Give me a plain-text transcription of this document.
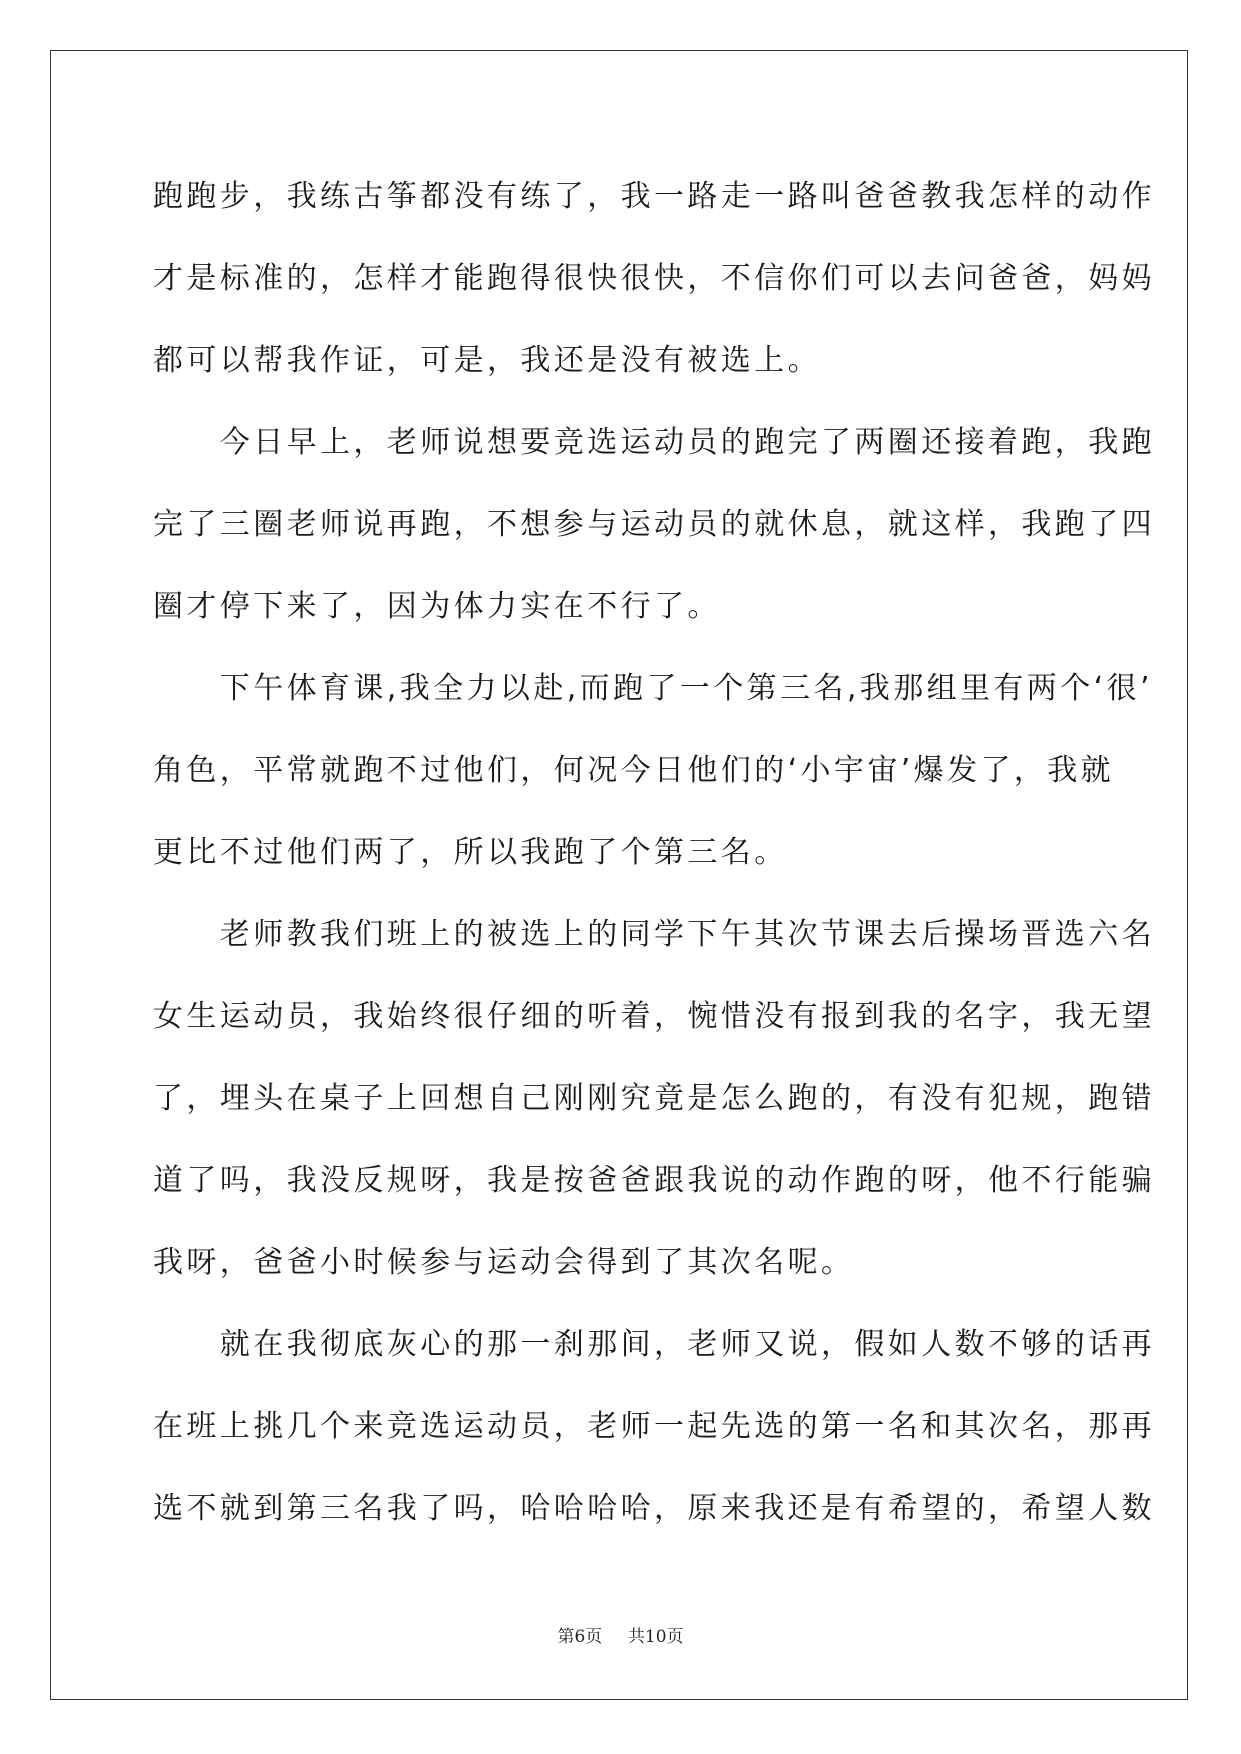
跑跑步，我练古筝都没有练了，我一路走一路叫爸爸教我怎样的动作
才是标准的，怎样才能跑得很快很快，不信你们可以去问爸爸，妈妈
都可以帮我作证，可是，我还是没有被选上。
　　今日早上，老师说想要竞选运动员的跑完了两圈还接着跑，我跑
完了三圈老师说再跑，不想参与运动员的就休息，就这样，我跑了四
圈才停下来了，因为体力实在不行了。
　　下午体育课,我全力以赴,而跑了一个第三名,我那组里有两个‘很’
角色，平常就跑不过他们，何况今日他们的‘小宇宙’爆发了，我就
更比不过他们两了，所以我跑了个第三名。
　　老师教我们班上的被选上的同学下午其次节课去后操场晋选六名
女生运动员，我始终很仔细的听着，惋惜没有报到我的名字，我无望
了，埋头在桌子上回想自己刚刚究竟是怎么跑的，有没有犯规，跑错
道了吗，我没反规呀，我是按爸爸跟我说的动作跑的呀，他不行能骗
我呀，爸爸小时候参与运动会得到了其次名呢。
　　就在我彻底灰心的那一刹那间，老师又说，假如人数不够的话再
在班上挑几个来竞选运动员，老师一起先选的第一名和其次名，那再
选不就到第三名我了吗，哈哈哈哈，原来我还是有希望的，希望人数
第6页 共10页
